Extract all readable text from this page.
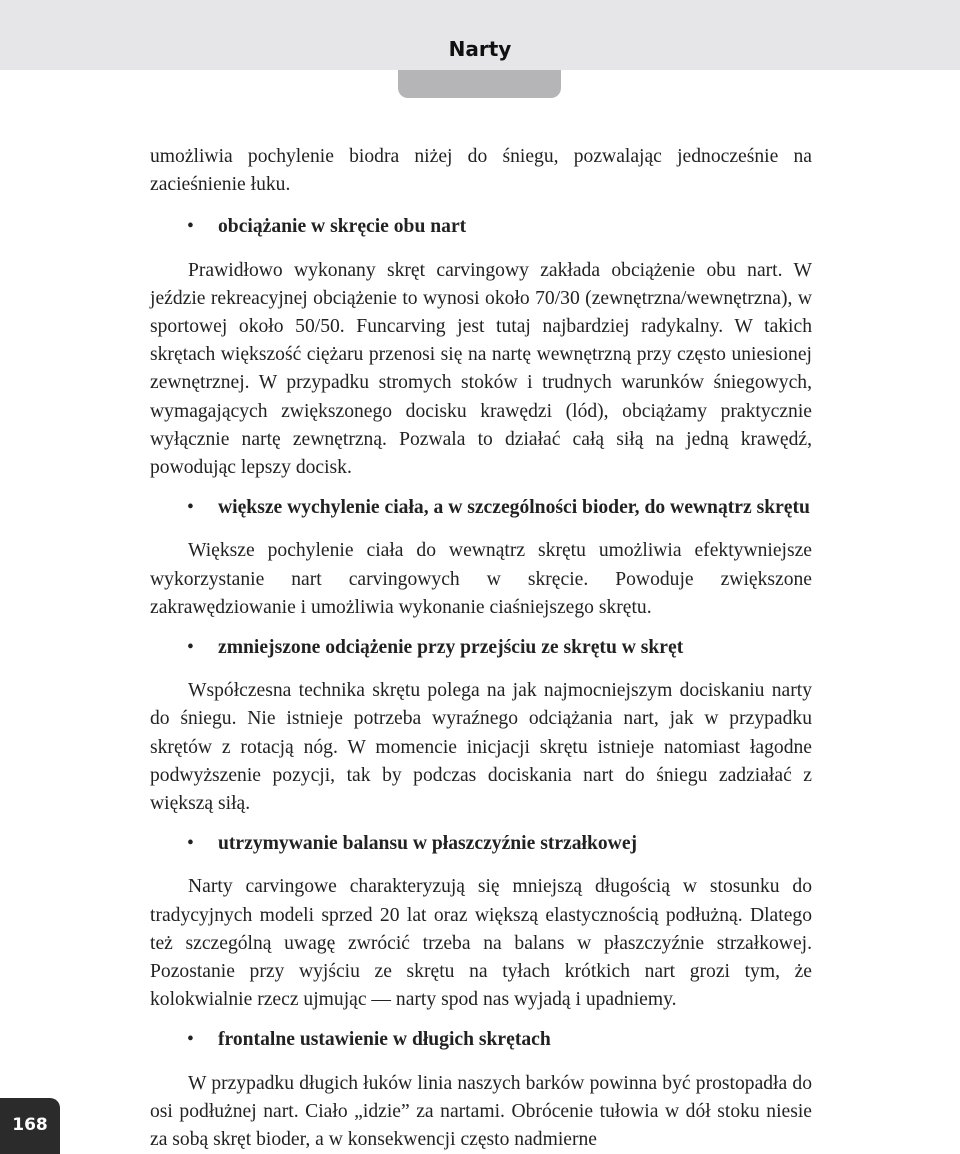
Narty

umożliwia pochylenie biodra niżej do śniegu, pozwalając jednocześnie na zacieśnienie łuku.

• obciążanie w skręcie obu nart

Prawidłowo wykonany skręt carvingowy zakłada obciążenie obu nart. W jeździe rekreacyjnej obciążenie to wynosi około 70/30 (zewnętrzna/wewnętrzna), w sportowej około 50/50. Funcarving jest tutaj najbardziej radykalny. W takich skrętach większość ciężaru przenosi się na nartę wewnętrzną przy często uniesionej zewnętrznej. W przypadku stromych stoków i trudnych warunków śniegowych, wymagających zwiększonego docisku krawędzi (lód), obciążamy praktycznie wyłącznie nartę zewnętrzną. Pozwala to działać całą siłą na jedną krawędź, powodując lepszy docisk.

• większe wychylenie ciała, a w szczególności bioder, do wewnątrz skrętu

Większe pochylenie ciała do wewnątrz skrętu umożliwia efektywniejsze wykorzystanie nart carvingowych w skręcie. Powoduje zwiększone zakrawędziowanie i umożliwia wykonanie ciaśniejszego skrętu.

• zmniejszone odciążenie przy przejściu ze skrętu w skręt

Współczesna technika skrętu polega na jak najmocniejszym dociskaniu narty do śniegu. Nie istnieje potrzeba wyraźnego odciążania nart, jak w przypadku skrętów z rotacją nóg. W momencie inicjacji skrętu istnieje natomiast łagodne podwyższenie pozycji, tak by podczas dociskania nart do śniegu zadziałać z większą siłą.

• utrzymywanie balansu w płaszczyźnie strzałkowej

Narty carvingowe charakteryzują się mniejszą długością w stosunku do tradycyjnych modeli sprzed 20 lat oraz większą elastycznością podłużną. Dlatego też szczególną uwagę zwrócić trzeba na balans w płaszczyźnie strzałkowej. Pozostanie przy wyjściu ze skrętu na tyłach krótkich nart grozi tym, że kolokwialnie rzecz ujmując — narty spod nas wyjadą i upadniemy.

• frontalne ustawienie w długich skrętach

W przypadku długich łuków linia naszych barków powinna być prostopadła do osi podłużnej nart. Ciało „idzie” za nartami. Obrócenie tułowia w dół stoku niesie za sobą skręt bioder, a w konsekwencji często nadmierne

168
